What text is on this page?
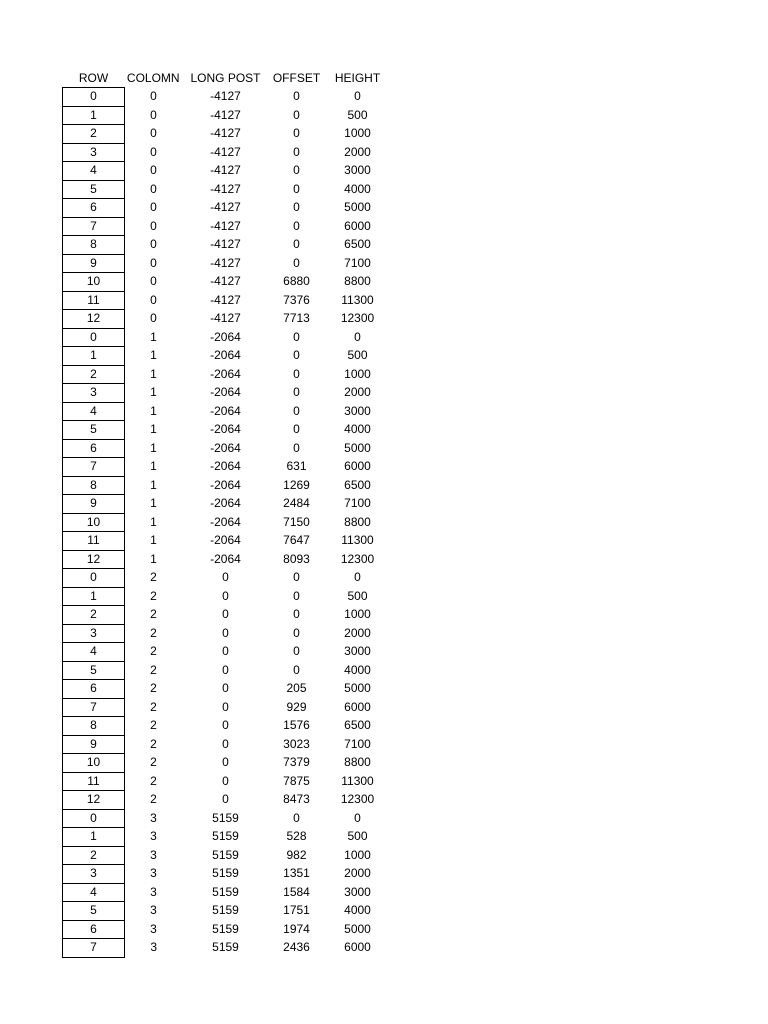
ROW	COLOMN	LONG POST	OFFSET	HEIGHT
0	0	-4127	0	0
1	0	-4127	0	500
2	0	-4127	0	1000
3	0	-4127	0	2000
4	0	-4127	0	3000
5	0	-4127	0	4000
6	0	-4127	0	5000
7	0	-4127	0	6000
8	0	-4127	0	6500
9	0	-4127	0	7100
10	0	-4127	6880	8800
11	0	-4127	7376	11300
12	0	-4127	7713	12300
0	1	-2064	0	0
1	1	-2064	0	500
2	1	-2064	0	1000
3	1	-2064	0	2000
4	1	-2064	0	3000
5	1	-2064	0	4000
6	1	-2064	0	5000
7	1	-2064	631	6000
8	1	-2064	1269	6500
9	1	-2064	2484	7100
10	1	-2064	7150	8800
11	1	-2064	7647	11300
12	1	-2064	8093	12300
0	2	0	0	0
1	2	0	0	500
2	2	0	0	1000
3	2	0	0	2000
4	2	0	0	3000
5	2	0	0	4000
6	2	0	205	5000
7	2	0	929	6000
8	2	0	1576	6500
9	2	0	3023	7100
10	2	0	7379	8800
11	2	0	7875	11300
12	2	0	8473	12300
0	3	5159	0	0
1	3	5159	528	500
2	3	5159	982	1000
3	3	5159	1351	2000
4	3	5159	1584	3000
5	3	5159	1751	4000
6	3	5159	1974	5000
7	3	5159	2436	6000
